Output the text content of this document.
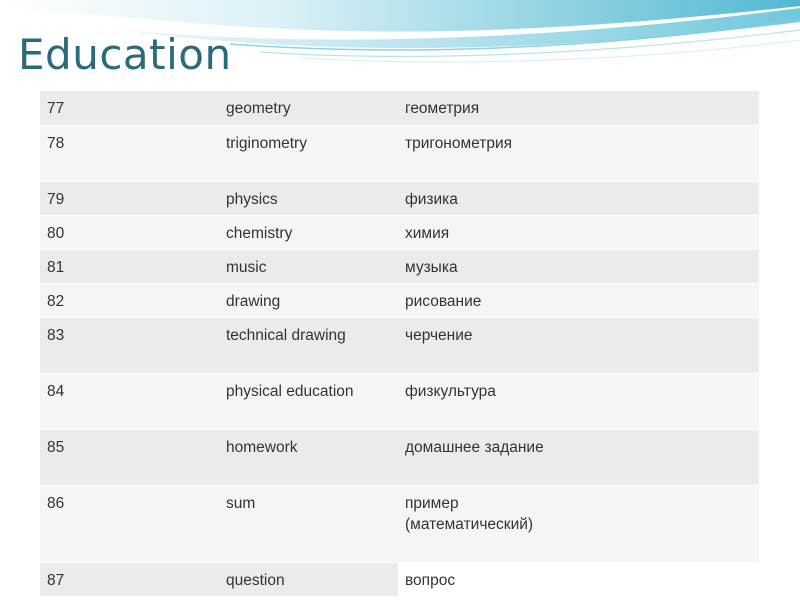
Education
77	geometry	геометрия

78	triginometry	тригонометрия

79	physics	физика

80	chemistry	химия

81	music	музыка

82	drawing	рисование

83	technical drawing	черчение

84	physical education	физкультура

85	homework	домашнее задание

86	sum	пример
(математический)

87	question	вопрос
